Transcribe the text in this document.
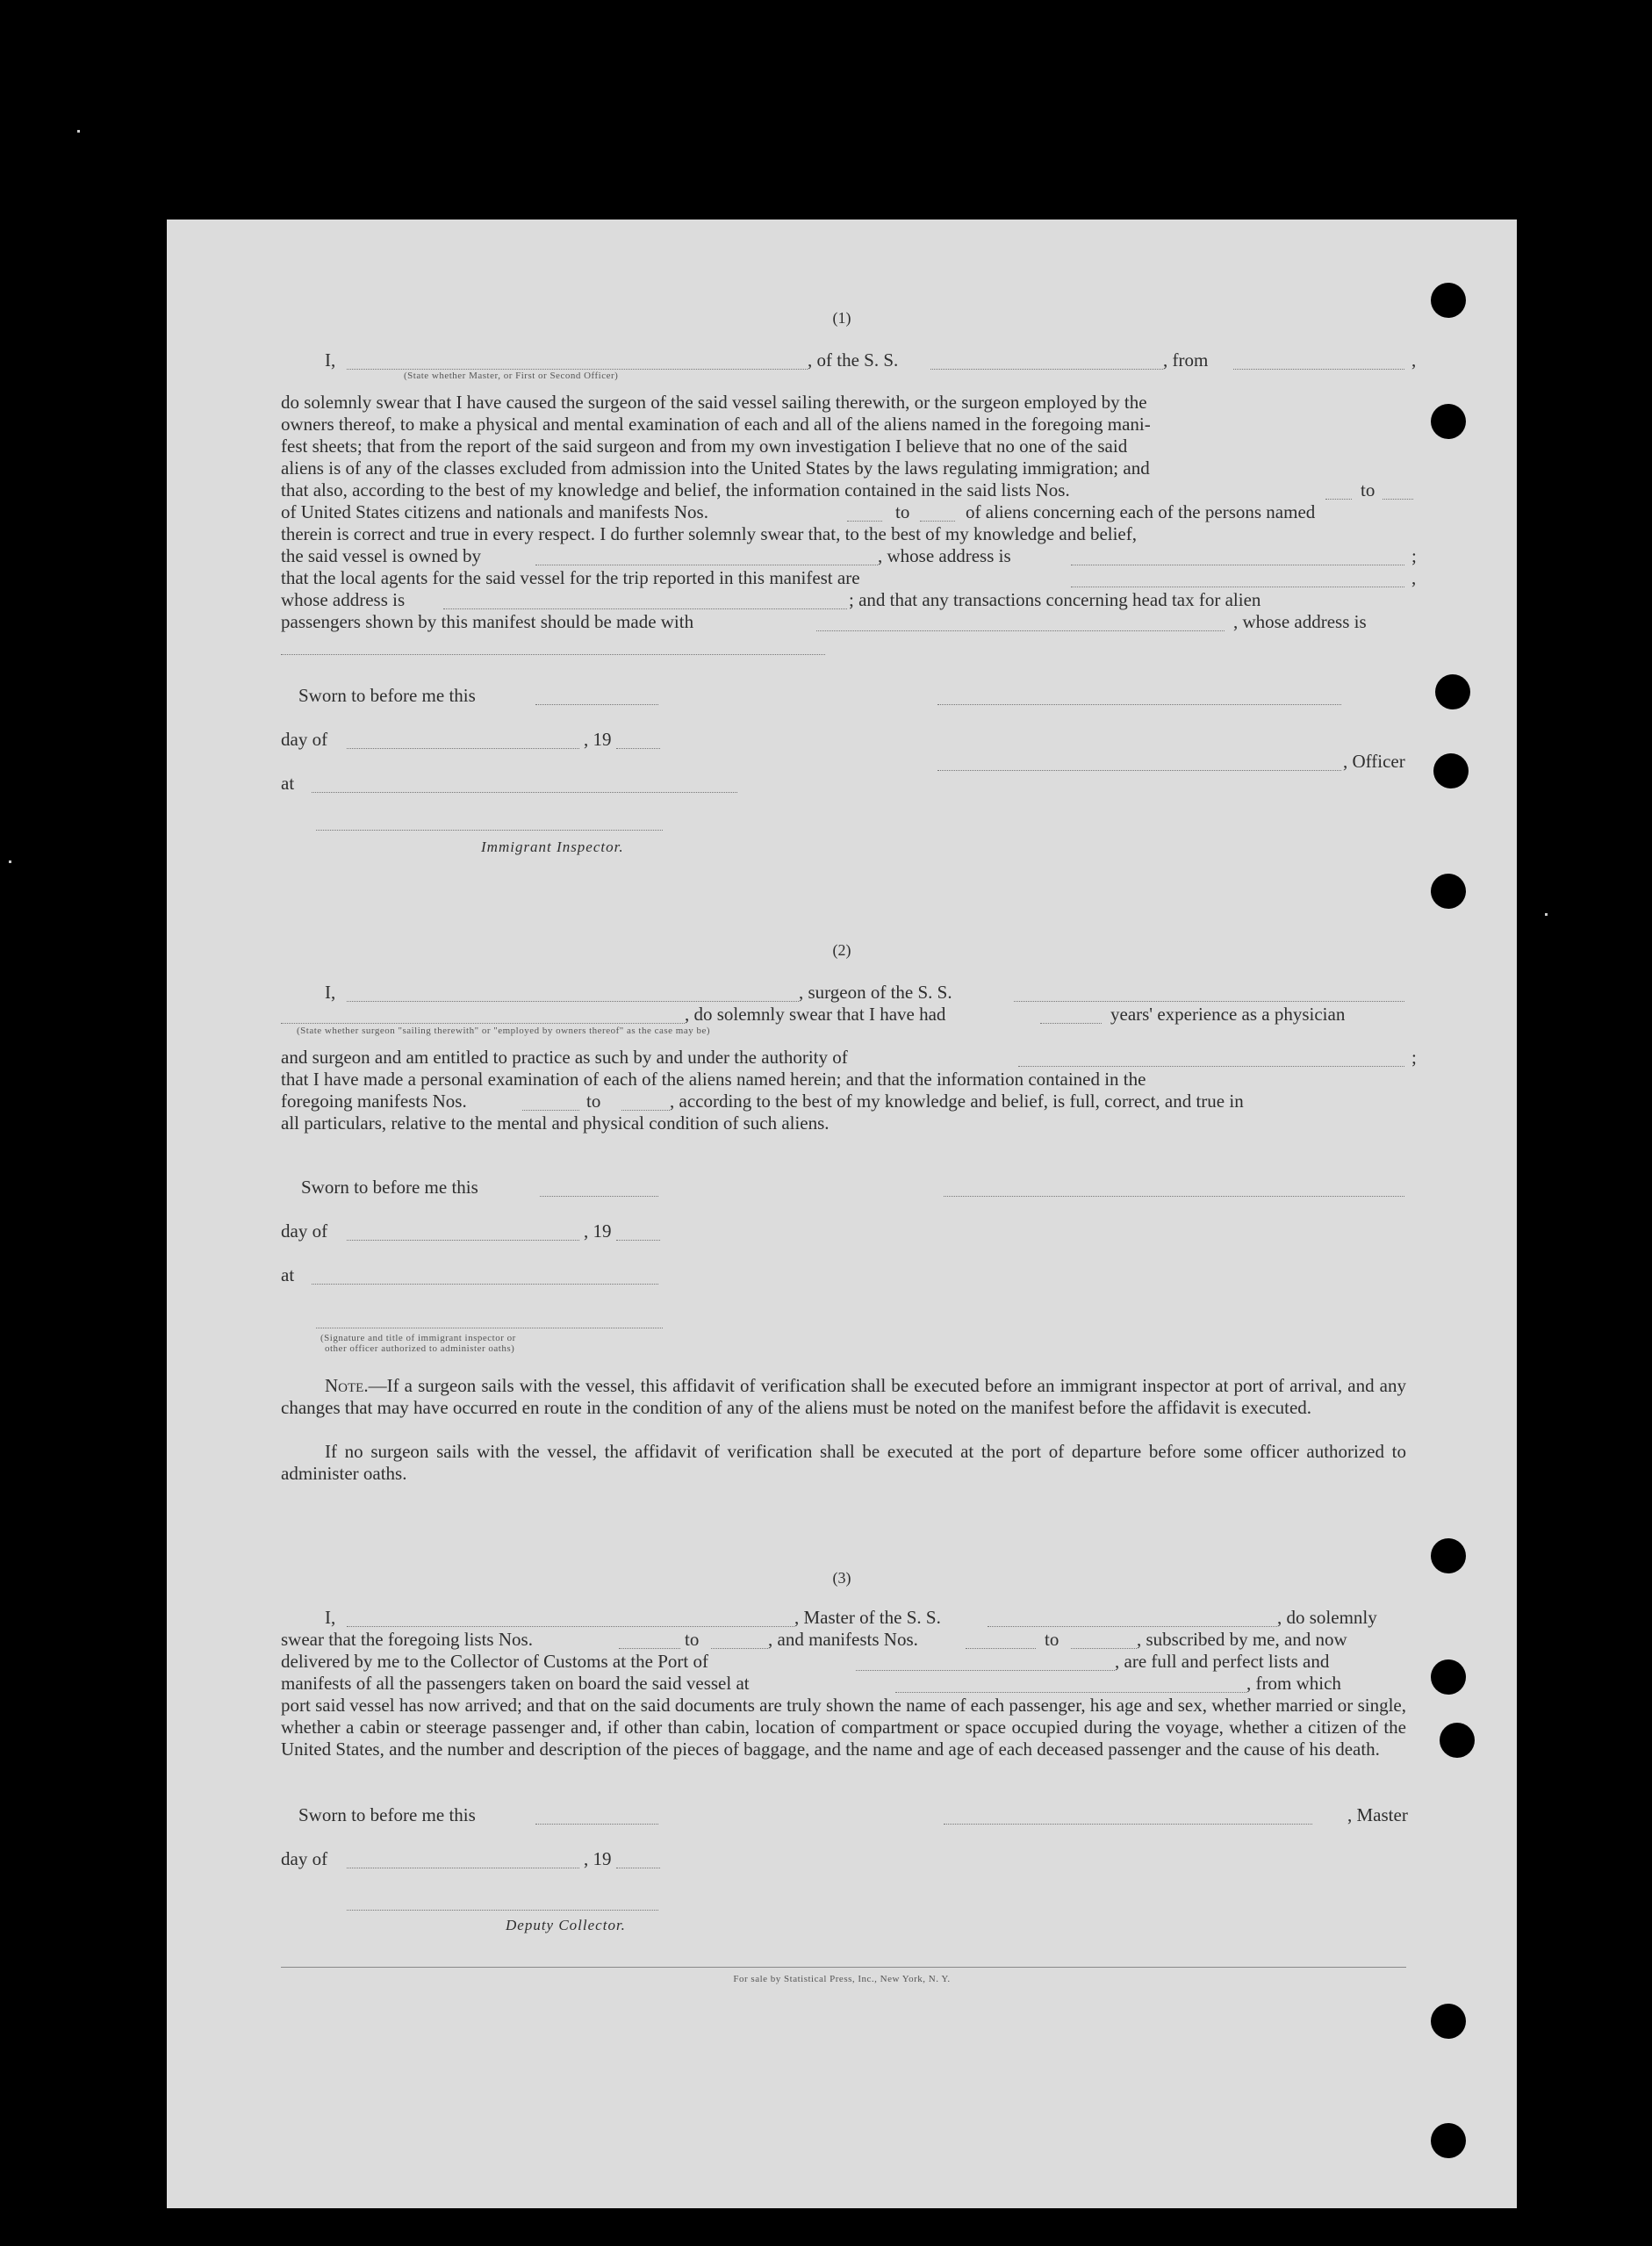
(1)
I,	, of the S. S.	, from	,
(State whether Master, or First or Second Officer)
do solemnly swear that I have caused the surgeon of the said vessel sailing therewith, or the surgeon employed by the
owners thereof, to make a physical and mental examination of each and all of the aliens named in the foregoing mani-
fest sheets; that from the report of the said surgeon and from my own investigation I believe that no one of the said
aliens is of any of the classes excluded from admission into the United States by the laws regulating immigration; and
that also, according to the best of my knowledge and belief, the information contained in the said lists Nos.	to
of United States citizens and nationals and manifests Nos.	to	of aliens concerning each of the persons named
therein is correct and true in every respect. I do further solemnly swear that, to the best of my knowledge and belief,
the said vessel is owned by	, whose address is	;
that the local agents for the said vessel for the trip reported in this manifest are	,
whose address is	; and that any transactions concerning head tax for alien
passengers shown by this manifest should be made with	, whose address is
Sworn to before me this
day of	, 19
, Officer
at
Immigrant Inspector.
(2)
I,	, surgeon of the S. S.
, do solemnly swear that I have had	years' experience as a physician
(State whether surgeon "sailing therewith" or "employed by owners thereof" as the case may be)
and surgeon and am entitled to practice as such by and under the authority of	;
that I have made a personal examination of each of the aliens named herein; and that the information contained in the
foregoing manifests Nos.	to	, according to the best of my knowledge and belief, is full, correct, and true in
all particulars, relative to the mental and physical condition of such aliens.
Sworn to before me this
day of	, 19
at
(Signature and title of immigrant inspector or
other officer authorized to administer oaths)
Note.—If a surgeon sails with the vessel, this affidavit of verification shall be executed before an immigrant inspector at port of arrival, and any changes that may have occurred en route in the condition of any of the aliens must be noted on the manifest before the affidavit is executed.
If no surgeon sails with the vessel, the affidavit of verification shall be executed at the port of departure before some officer authorized to administer oaths.
(3)
I,	, Master of the S. S.	, do solemnly
swear that the foregoing lists Nos.	to	, and manifests Nos.	to	, subscribed by me, and now
delivered by me to the Collector of Customs at the Port of	, are full and perfect lists and
manifests of all the passengers taken on board the said vessel at	, from which
port said vessel has now arrived; and that on the said documents are truly shown the name of each passenger, his age and sex, whether married or single, whether a cabin or steerage passenger and, if other than cabin, location of compartment or space occupied during the voyage, whether a citizen of the United States, and the number and description of the pieces of baggage, and the name and age of each deceased passenger and the cause of his death.
Sworn to before me this	, Master
day of	, 19
Deputy Collector.
For sale by Statistical Press, Inc., New York, N. Y.
